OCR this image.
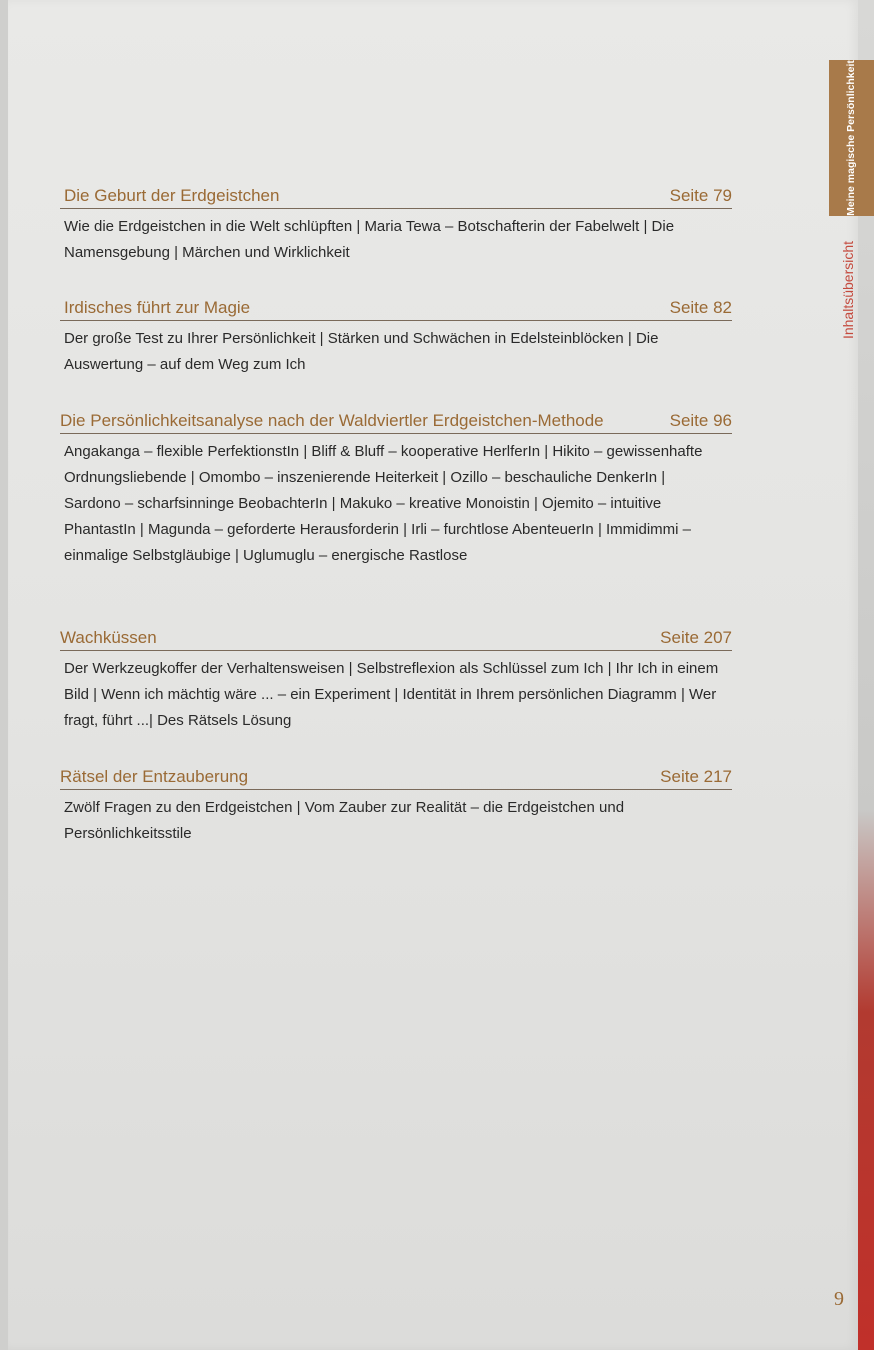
Die Geburt der Erdgeistchen	Seite 79
Wie die Erdgeistchen in die Welt schlüpften | Maria Tewa – Botschafterin der Fabelwelt | Die Namensgebung | Märchen und Wirklichkeit
Irdisches führt zur Magie	Seite 82
Der große Test zu Ihrer Persönlichkeit | Stärken und Schwächen in Edelsteinblöcken | Die Auswertung – auf dem Weg zum Ich
Die Persönlichkeitsanalyse nach der Waldviertler Erdgeistchen-Methode	Seite 96
Angakanga – flexible PerfektionstIn | Bliff & Bluff – kooperative HerlferIn | Hikito – gewissenhafte Ordnungsliebende | Omombo – inszenierende Heiterkeit | Ozillo – beschauliche DenkerIn | Sardono – scharfsinninge BeobachterIn | Makuko – kreative Monoistin | Ojemito – intuitive PhantastIn | Magunda – geforderte Herausforderin | Irli – furchtlose AbenteuerIn | Immidimmi – einmalige Selbstgläubige | Uglumuglu – energische Rastlose
Wachküssen	Seite 207
Der Werkzeugkoffer der Verhaltensweisen | Selbstreflexion als Schlüssel zum Ich | Ihr Ich in einem Bild | Wenn ich mächtig wäre ... – ein Experiment | Identität in Ihrem persönlichen Diagramm | Wer fragt, führt ...| Des Rätsels Lösung
Rätsel der Entzauberung	Seite 217
Zwölf Fragen zu den Erdgeistchen | Vom Zauber zur Realität – die Erdgeistchen und Persönlichkeitsstile
Meine magische Persönlichkeit
Inhaltsübersicht
9
